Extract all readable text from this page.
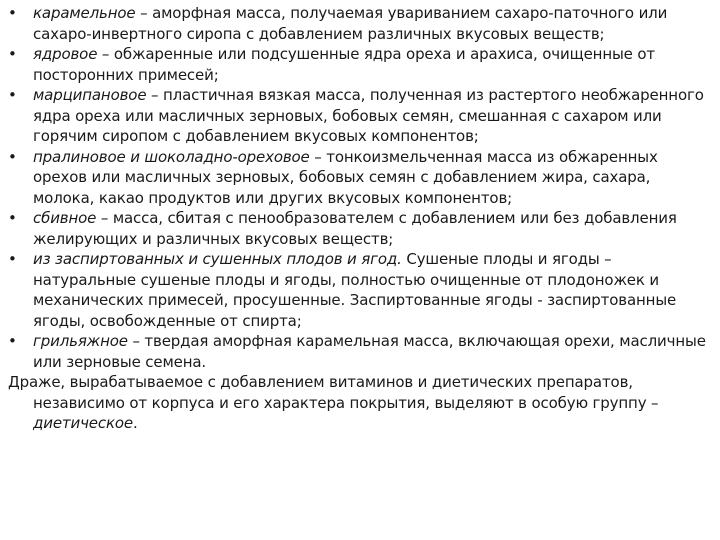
• карамельное – аморфная масса, получаемая увариванием сахаро-паточного или сахаро-инвертного сиропа с добавлением различных вкусовых веществ;
• ядровое – обжаренные или подсушенные ядра ореха и арахиса, очищенные от посторонних примесей;
• марципановое – пластичная вязкая масса, полученная из растертого необжаренного ядра ореха или масличных зерновых, бобовых семян, смешанная с сахаром или горячим сиропом с добавлением вкусовых компонентов;
• пралиновое и шоколадно-ореховое – тонкоизмельченная масса из обжаренных орехов или масличных зерновых, бобовых семян с добавлением жира, сахара, молока, какао продуктов или других вкусовых компонентов;
• сбивное – масса, сбитая с пенообразователем с добавлением или без добавления желирующих и различных вкусовых веществ;
• из заспиртованных и сушенных плодов и ягод. Сушеные плоды и ягоды – натуральные сушеные плоды и ягоды, полностью очищенные от плодоножек и механических примесей, просушенные. Заспиртованные ягоды - заспиртованные ягоды, освобожденные от спирта;
• грильяжное – твердая аморфная карамельная масса, включающая орехи, масличные или зерновые семена.

Драже, вырабатываемое с добавлением витаминов и диетических препаратов, независимо от корпуса и его характера покрытия, выделяют в особую группу – диетическое.
